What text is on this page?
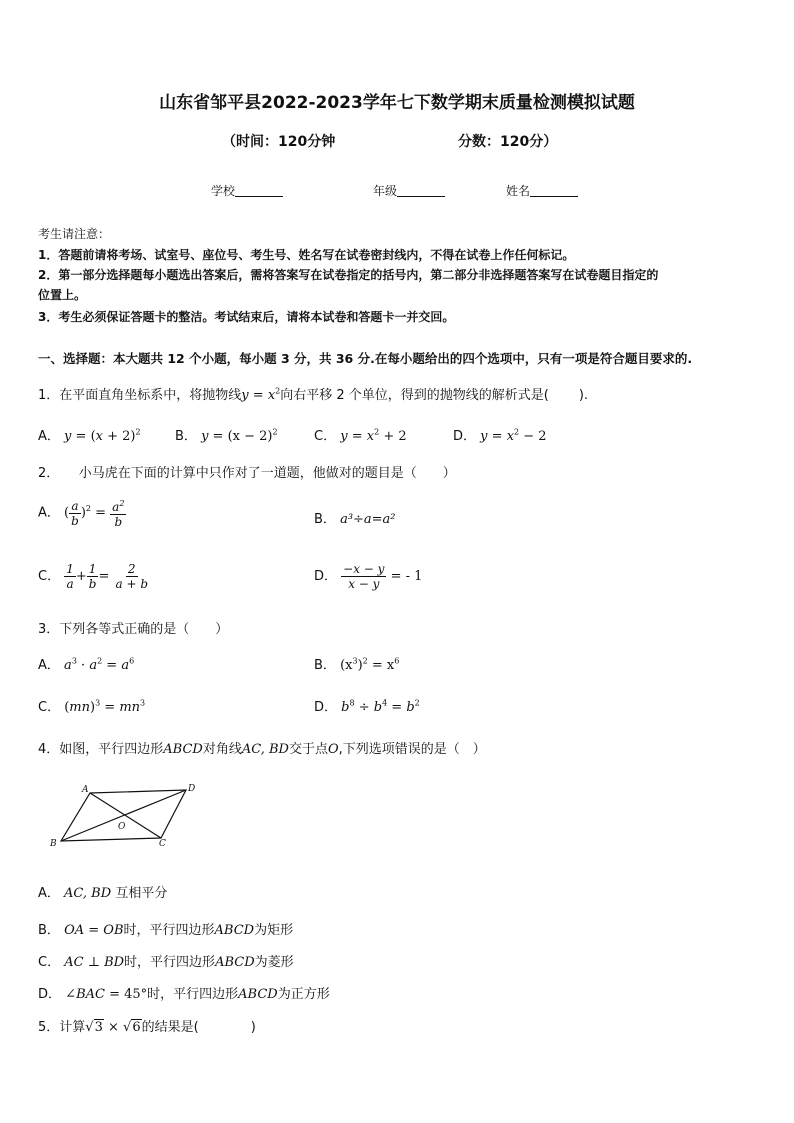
山东省邹平县2022-2023学年七下数学期末质量检测模拟试题
（时间：120分钟	分数：120分）
学校	年级	姓名
考生请注意：
1．答题前请将考场、试室号、座位号、考生号、姓名写在试卷密封线内，不得在试卷上作任何标记。
2．第一部分选择题每小题选出答案后，需将答案写在试卷指定的括号内，第二部分非选择题答案写在试卷题目指定的
位置上。
3．考生必须保证答题卡的整洁。考试结束后，请将本试卷和答题卡一并交回。
一、选择题：本大题共 12 个小题，每小题 3 分，共 36 分.在每小题给出的四个选项中，只有一项是符合题目要求的.
1．在平面直角坐标系中，将抛物线$y = x^2$向右平移 2 个单位，得到的抛物线的解析式是( ).
A． $y = (x + 2)^2$	B． $y = (x - 2)^2$	C． $y = x^2 + 2$	D． $y = x^2 - 2$
2．　　小马虎在下面的计算中只作对了一道题，他做对的题目是（　　）
A． ( $\frac{a}{b} )^2 = \frac{a^2}{b}$	B． a³÷a=a²
C． $\frac{1}{a} + \frac{1}{b} = \frac{2}{a + b}$	D． $\frac{-x - y}{x - y}$ = - 1
3．下列各等式正确的是（　　）
A． $a^3 \cdot a^2 = a^6$	B． $(x^3)^2 = x^6$
C． $(mn)^3 = mn^3$	D． $b^8 \div b^4 = b^2$
4．如图，平行四边形ABCD对角线AC, BD交于点O,下列选项错误的是（　）
A	D
B	C
O
A． AC, BD 互相平分
B． OA = OB时，平行四边形ABCD为矩形
C． AC ⊥ BD时，平行四边形ABCD为菱形
D． ∠BAC = 45°时，平行四边形ABCD为正方形
5．计算√3 × √6的结果是(	)
